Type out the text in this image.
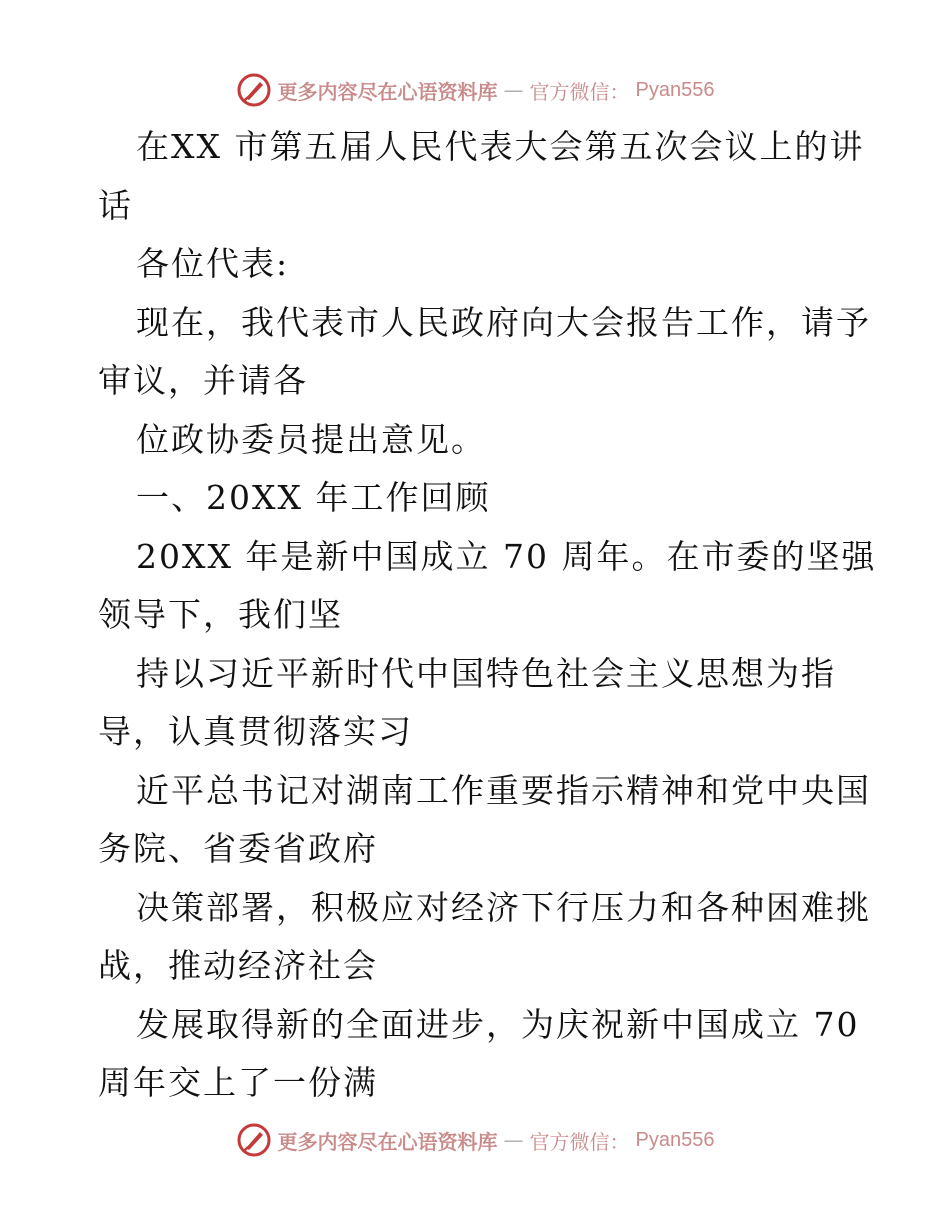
更多内容尽在心语资料库 — 官方微信： Pyan556
在XX 市第五届人民代表大会第五次会议上的讲
话
各位代表:
现在，我代表市人民政府向大会报告工作，请予
审议，并请各
位政协委员提出意见。
一、20XX 年工作回顾
20XX 年是新中国成立 70 周年。在市委的坚强
领导下，我们坚
持以习近平新时代中国特色社会主义思想为指
导，认真贯彻落实习
近平总书记对湖南工作重要指示精神和党中央国
务院、省委省政府
决策部署，积极应对经济下行压力和各种困难挑
战，推动经济社会
发展取得新的全面进步，为庆祝新中国成立 70
周年交上了一份满
更多内容尽在心语资料库 — 官方微信： Pyan556
